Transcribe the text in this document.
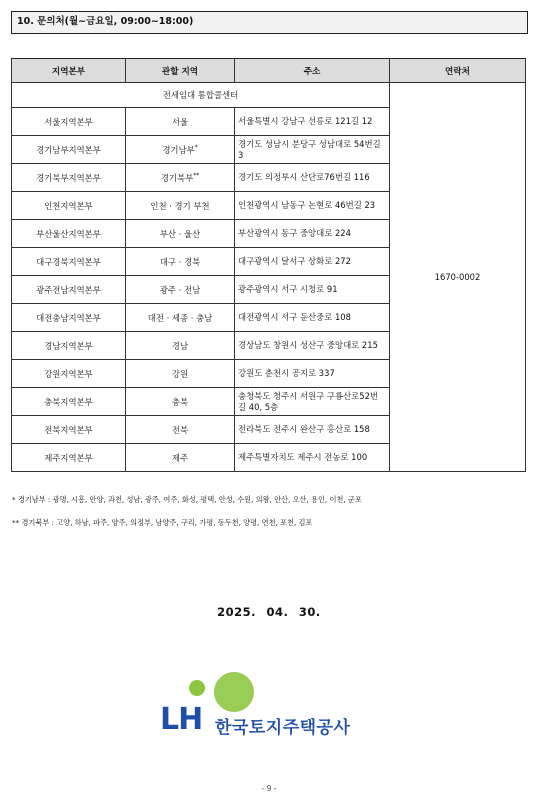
10. 문의처(월~금요일, 09:00~18:00)
지역본부	관할 지역	주소	연락처
전세임대 통합콜센터			1670-0002
서울지역본부	서울	서울특별시 강남구 선릉로 121길 12	
경기남부지역본부	경기남부*	경기도 성남시 분당구 성남대로 54번길 3	
경기북부지역본부	경기북부**	경기도 의정부시 산단로76번길 116	
인천지역본부	인천 · 경기 부천	인천광역시 남동구 논현로 46번길 23	
부산울산지역본부	부산 · 울산	부산광역시 동구 중앙대로 224	
대구경북지역본부	대구 · 경북	대구광역시 달서구 상화로 272	
광주전남지역본부	광주 · 전남	광주광역시 서구 시청로 91	
대전충남지역본부	대전 · 세종 · 충남	대전광역시 서구 둔산중로 108	
경남지역본부	경남	경상남도 창원시 성산구 중앙대로 215	
강원지역본부	강원	강원도 춘천시 공지로 337	
충북지역본부	충북	충청북도 청주시 서원구 구룡산로52번길 40, 5층	
전북지역본부	전북	전라북도 전주시 완산구 홍산로 158	
제주지역본부	제주	제주특별자치도 제주시 전농로 100	
* 경기남부 : 광명, 시흥, 안양, 과천, 성남, 광주, 여주, 화성, 평택, 안성, 수원, 의왕, 안산, 오산, 용인, 이천, 군포
** 경기북부 : 고양, 하남, 파주, 양주, 의정부, 남양주, 구리, 가평, 동두천, 양평, 연천, 포천, 김포
2025. 04. 30.
LH 한국토지주택공사
- 9 -
